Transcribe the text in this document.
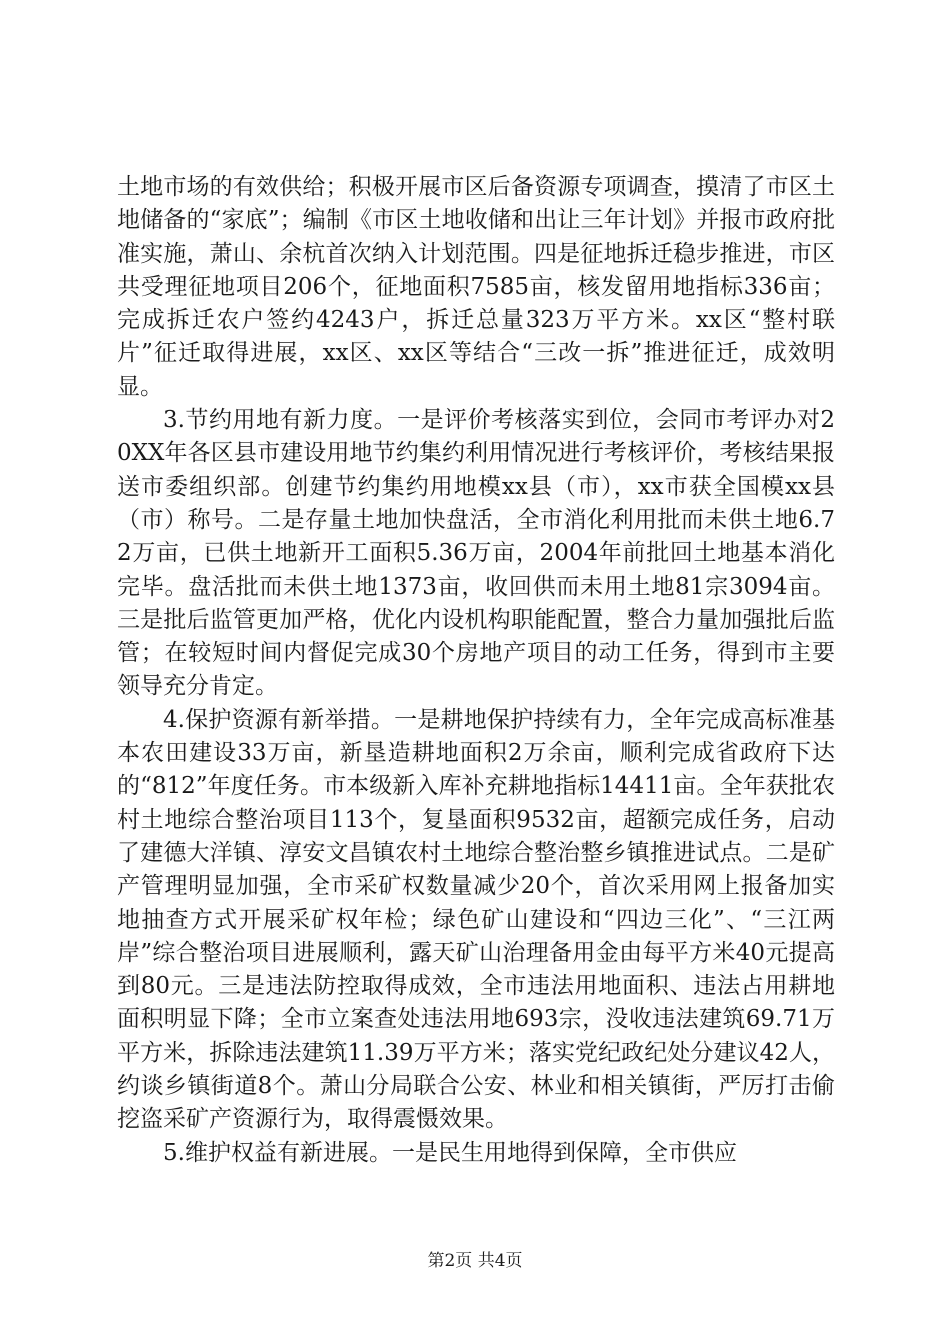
土地市场的有效供给；积极开展市区后备资源专项调查，摸清了市区土地储备的“家底”；编制《市区土地收储和出让三年计划》并报市政府批准实施，萧山、余杭首次纳入计划范围。四是征地拆迁稳步推进，市区共受理征地项目206个，征地面积7585亩，核发留用地指标336亩；完成拆迁农户签约4243户，拆迁总量323万平方米。xx区“整村联片”征迁取得进展，xx区、xx区等结合“三改一拆”推进征迁，成效明显。

3.节约用地有新力度。一是评价考核落实到位，会同市考评办对20XX年各区县市建设用地节约集约利用情况进行考核评价，考核结果报送市委组织部。创建节约集约用地模xx县（市），xx市获全国模xx县（市）称号。二是存量土地加快盘活，全市消化利用批而未供土地6.72万亩，已供土地新开工面积5.36万亩，2004年前批回土地基本消化完毕。盘活批而未供土地1373亩，收回供而未用土地81宗3094亩。三是批后监管更加严格，优化内设机构职能配置，整合力量加强批后监管；在较短时间内督促完成30个房地产项目的动工任务，得到市主要领导充分肯定。

4.保护资源有新举措。一是耕地保护持续有力，全年完成高标准基本农田建设33万亩，新垦造耕地面积2万余亩，顺利完成省政府下达的“812”年度任务。市本级新入库补充耕地指标14411亩。全年获批农村土地综合整治项目113个，复垦面积9532亩，超额完成任务，启动了建德大洋镇、淳安文昌镇农村土地综合整治整乡镇推进试点。二是矿产管理明显加强，全市采矿权数量减少20个，首次采用网上报备加实地抽查方式开展采矿权年检；绿色矿山建设和“四边三化”、“三江两岸”综合整治项目进展顺利，露天矿山治理备用金由每平方米40元提高到80元。三是违法防控取得成效，全市违法用地面积、违法占用耕地面积明显下降；全市立案查处违法用地693宗，没收违法建筑69.71万平方米，拆除违法建筑11.39万平方米；落实党纪政纪处分建议42人，约谈乡镇街道8个。萧山分局联合公安、林业和相关镇街，严厉打击偷挖盗采矿产资源行为，取得震慑效果。

5.维护权益有新进展。一是民生用地得到保障，全市供应

第2页 共4页
